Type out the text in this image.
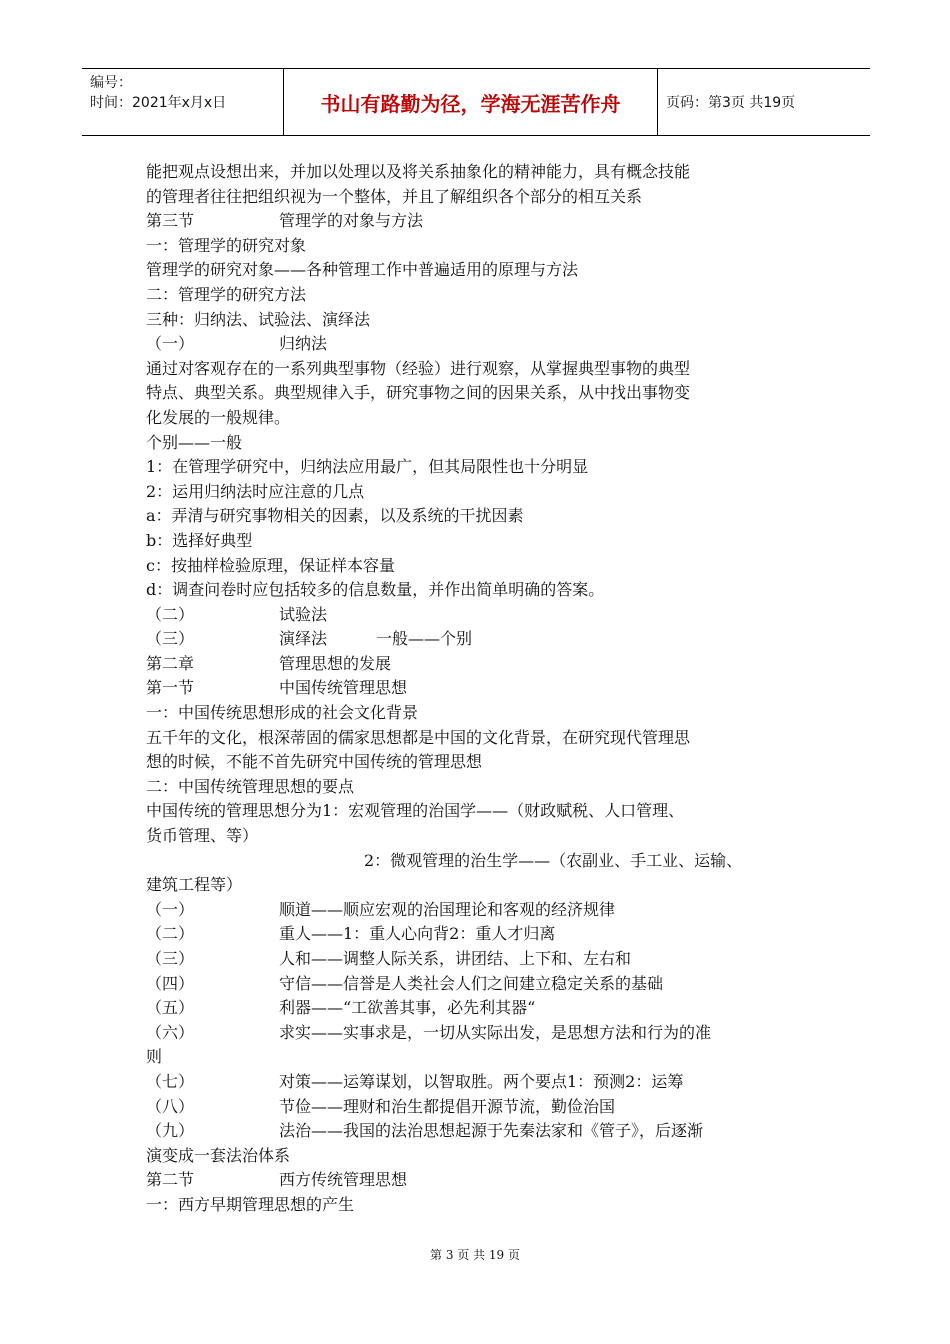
编号：
时间：2021年x月x日	书山有路勤为径，学海无涯苦作舟	页码：第3页 共19页
能把观点设想出来，并加以处理以及将关系抽象化的精神能力，具有概念技能
的管理者往往把组织视为一个整体，并且了解组织各个部分的相互关系
第三节	管理学的对象与方法
一：管理学的研究对象
管理学的研究对象——各种管理工作中普遍适用的原理与方法
二：管理学的研究方法
三种：归纳法、试验法、演绎法
（一）	归纳法
通过对客观存在的一系列典型事物（经验）进行观察，从掌握典型事物的典型
特点、典型关系。典型规律入手，研究事物之间的因果关系，从中找出事物变
化发展的一般规律。
个别——一般
1：在管理学研究中，归纳法应用最广，但其局限性也十分明显
2：运用归纳法时应注意的几点
a：弄清与研究事物相关的因素，以及系统的干扰因素
b：选择好典型
c：按抽样检验原理，保证样本容量
d：调查问卷时应包括较多的信息数量，并作出简单明确的答案。
（二）	试验法
（三）	演绎法	一般——个别
第二章	管理思想的发展
第一节	中国传统管理思想
一：中国传统思想形成的社会文化背景
五千年的文化，根深蒂固的儒家思想都是中国的文化背景，在研究现代管理思
想的时候，不能不首先研究中国传统的管理思想
二：中国传统管理思想的要点
中国传统的管理思想分为1：宏观管理的治国学——（财政赋税、人口管理、
货币管理、等）
2：微观管理的治生学——（农副业、手工业、运输、
建筑工程等）
（一）	顺道——顺应宏观的治国理论和客观的经济规律
（二）	重人——1：重人心向背2：重人才归离
（三）	人和——调整人际关系，讲团结、上下和、左右和
（四）	守信——信誉是人类社会人们之间建立稳定关系的基础
（五）	利器——“工欲善其事，必先利其器“
（六）	求实——实事求是，一切从实际出发，是思想方法和行为的准
则
（七）	对策——运筹谋划，以智取胜。两个要点1：预测2：运筹
（八）	节俭——理财和治生都提倡开源节流，勤俭治国
（九）	法治——我国的法治思想起源于先秦法家和《管子》，后逐渐
演变成一套法治体系
第二节	西方传统管理思想
一：西方早期管理思想的产生
第 3 页 共 19 页
